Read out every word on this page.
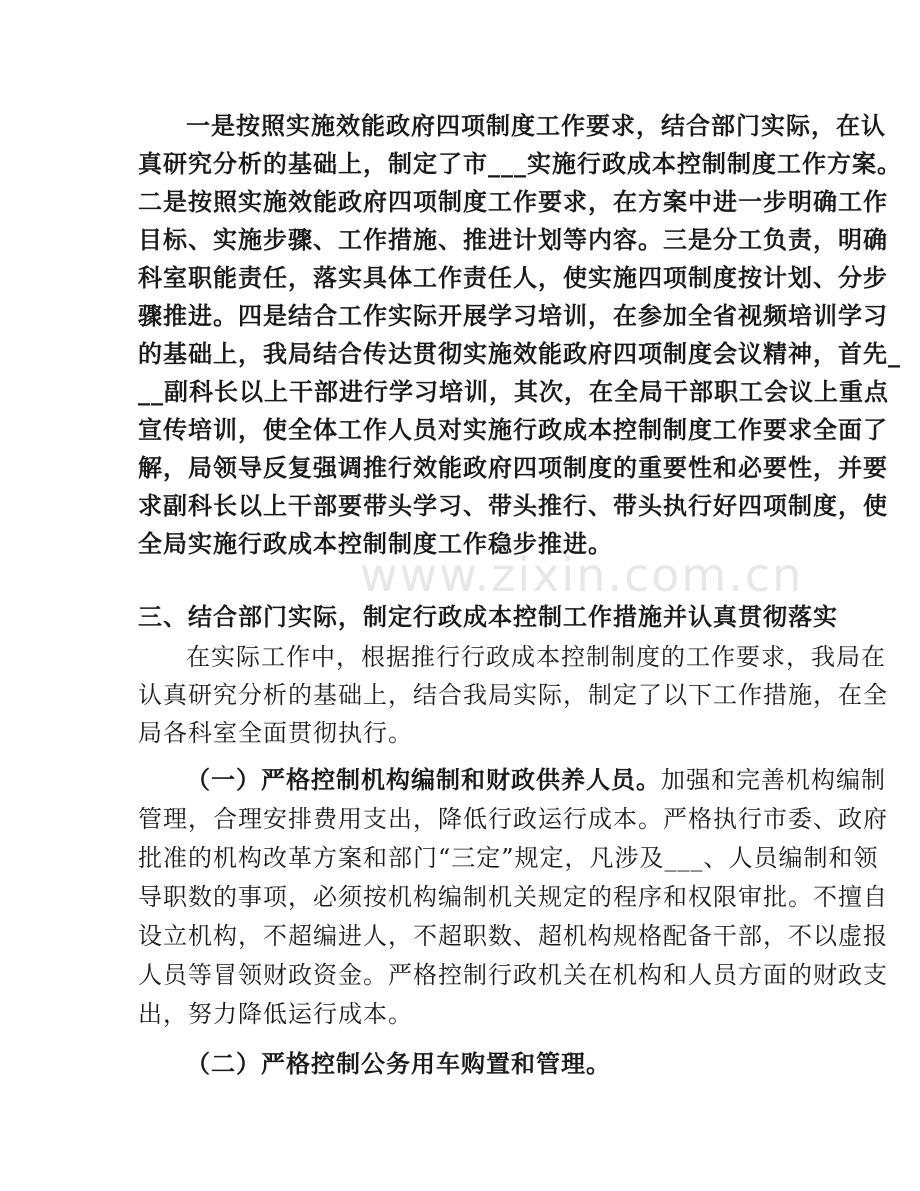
一是按照实施效能政府四项制度工作要求，结合部门实际，在认
真研究分析的基础上，制定了市___实施行政成本控制制度工作方案。
二是按照实施效能政府四项制度工作要求，在方案中进一步明确工作
目标、实施步骤、工作措施、推进计划等内容。三是分工负责，明确
科室职能责任，落实具体工作责任人，使实施四项制度按计划、分步
骤推进。四是结合工作实际开展学习培训，在参加全省视频培训学习
的基础上，我局结合传达贯彻实施效能政府四项制度会议精神，首先_
__副科长以上干部进行学习培训，其次，在全局干部职工会议上重点
宣传培训，使全体工作人员对实施行政成本控制制度工作要求全面了
解，局领导反复强调推行效能政府四项制度的重要性和必要性，并要
求副科长以上干部要带头学习、带头推行、带头执行好四项制度，使
全局实施行政成本控制制度工作稳步推进。
三、结合部门实际，制定行政成本控制工作措施并认真贯彻落实
在实际工作中，根据推行行政成本控制制度的工作要求，我局在
认真研究分析的基础上，结合我局实际，制定了以下工作措施，在全
局各科室全面贯彻执行。
（一）严格控制机构编制和财政供养人员。加强和完善机构编制
管理，合理安排费用支出，降低行政运行成本。严格执行市委、政府
批准的机构改革方案和部门“三定”规定，凡涉及___、人员编制和领
导职数的事项，必须按机构编制机关规定的程序和权限审批。不擅自
设立机构，不超编进人，不超职数、超机构规格配备干部，不以虚报
人员等冒领财政资金。严格控制行政机关在机构和人员方面的财政支
出，努力降低运行成本。
（二）严格控制公务用车购置和管理。
www.zixin.com.cn
